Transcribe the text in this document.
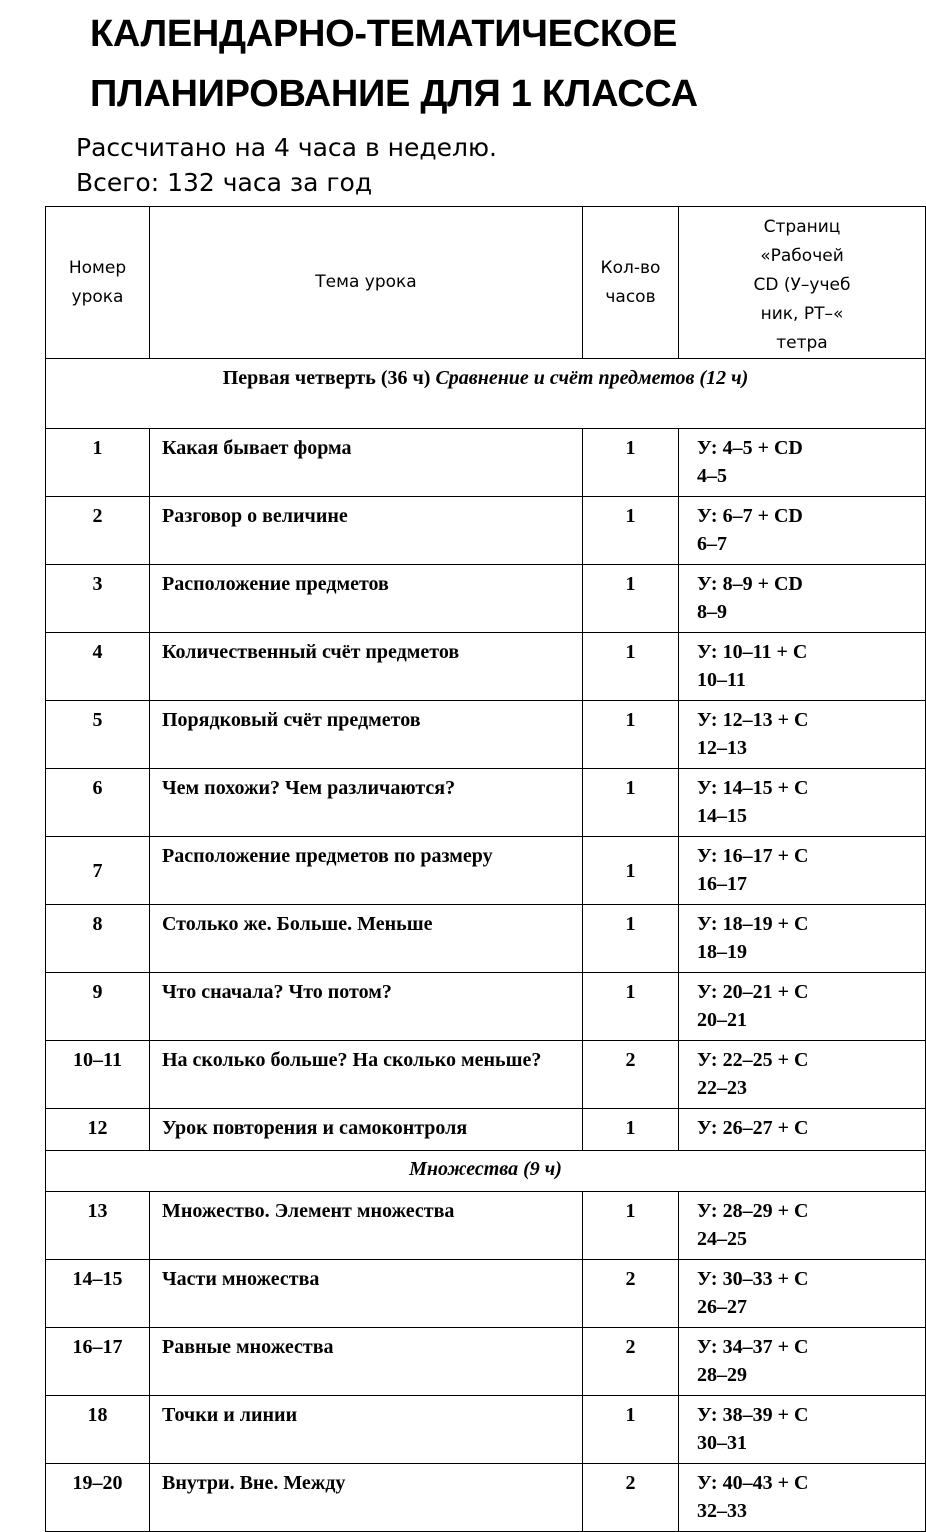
КАЛЕНДАРНО-ТЕМАТИЧЕСКОЕ
ПЛАНИРОВАНИЕ ДЛЯ 1 КЛАССА
Рассчитано на 4 часа в неделю.
Всего: 132 часа за год
Номер урока	Тема урока	Кол-во часов	Страниц
«Рабочей
CD (У–учеб
ник, РТ–«
тетра

Первая четверть (36 ч) Сравнение и счёт предметов (12 ч)			
1	Какая бывает форма	1	У: 4–5 + CD
4–5
2	Разговор о величине	1	У: 6–7 + CD
6–7
3	Расположение предметов	1	У: 8–9 + CD
8–9
4	Количественный счёт предметов	1	У: 10–11 + C
10–11
5	Порядковый счёт предметов	1	У: 12–13 + C
12–13
6	Чем похожи? Чем различаются?	1	У: 14–15 + C
14–15
7	Расположение предметов по размеру	1	У: 16–17 + C
16–17
8	Столько же. Больше. Меньше	1	У: 18–19 + C
18–19
9	Что сначала? Что потом?	1	У: 20–21 + C
20–21
10–11	На сколько больше? На сколько меньше?	2	У: 22–25 + C
22–23
12	Урок повторения и самоконтроля	1	У: 26–27 + C
Множества (9 ч)			
13	Множество. Элемент множества	1	У: 28–29 + C
24–25
14–15	Части множества	2	У: 30–33 + C
26–27
16–17	Равные множества	2	У: 34–37 + C
28–29
18	Точки и линии	1	У: 38–39 + C
30–31
19–20	Внутри. Вне. Между	2	У: 40–43 + C
32–33
